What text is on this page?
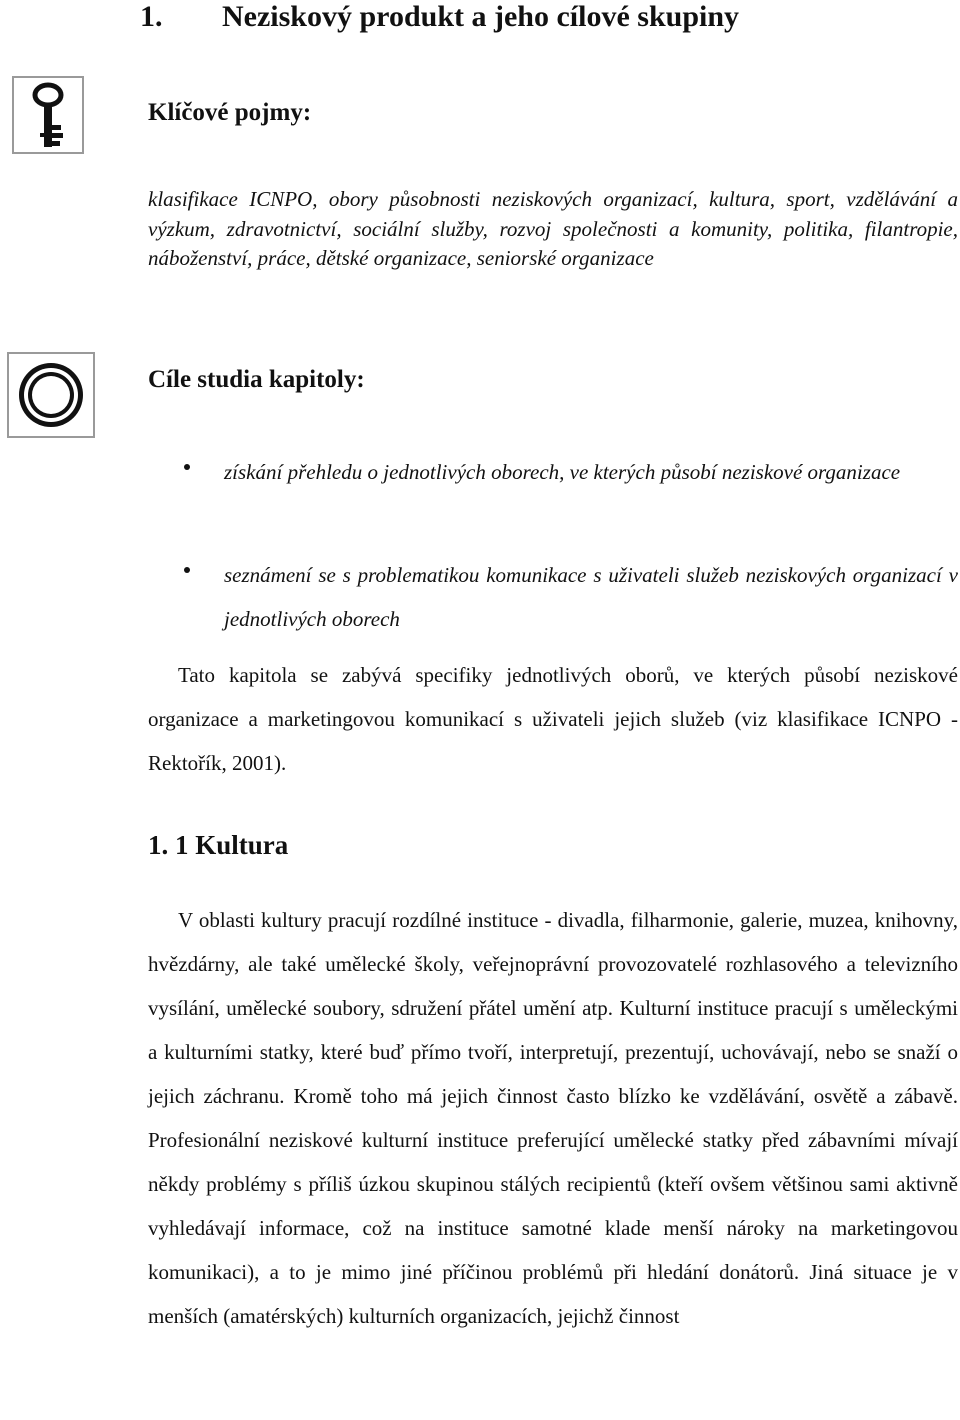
1. Neziskový produkt a jeho cílové skupiny
Klíčové pojmy:

klasifikace ICNPO, obory působnosti neziskových organizací, kultura, sport, vzdělávání a výzkum, zdravotnictví, sociální služby, rozvoj společnosti a komunity, politika, filantropie, náboženství, práce, dětské organizace, seniorské organizace

Cíle studia kapitoly:
získání přehledu o jednotlivých oborech, ve kterých působí neziskové organizace
seznámení se s problematikou komunikace s uživateli služeb neziskových organizací v jednotlivých oborech

Tato kapitola se zabývá specifiky jednotlivých oborů, ve kterých působí neziskové organizace a marketingovou komunikací s uživateli jejich služeb (viz klasifikace ICNPO - Rektořík, 2001).

1. 1 Kultura

V oblasti kultury pracují rozdílné instituce - divadla, filharmonie, galerie, muzea, knihovny, hvězdárny, ale také umělecké školy, veřejnoprávní provozovatelé rozhlasového a televizního vysílání, umělecké soubory, sdružení přátel umění atp. Kulturní instituce pracují s uměleckými a kulturními statky, které buď přímo tvoří, interpretují, prezentují, uchovávají, nebo se snaží o jejich záchranu. Kromě toho má jejich činnost často blízko ke vzdělávání, osvětě a zábavě. Profesionální neziskové kulturní instituce preferující umělecké statky před zábavními mívají někdy problémy s příliš úzkou skupinou stálých recipientů (kteří ovšem většinou sami aktivně vyhledávají informace, což na instituce samotné klade menší nároky na marketingovou komunikaci), a to je mimo jiné příčinou problémů při hledání donátorů. Jiná situace je v menších (amatérských) kulturních organizacích, jejichž činnost
